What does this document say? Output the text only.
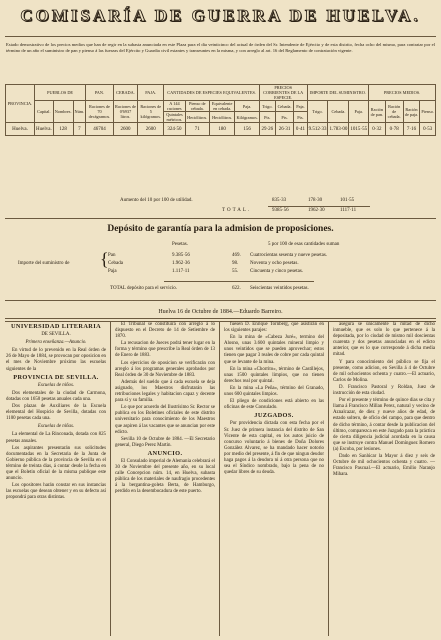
COMISARÍA DE GUERRA DE HUELVA.
Estado demostrativo de los precios medios que han de regir en la subasta anunciada en este Plaza para el dia veinticinco del actual de órden del Sr. Intendente de Ejército y de esta distrito, fecha ocho del mismo, para contratar por el término de un año el suministro de pan y pienso á las fuerzas del Ejército y Guardia civil estantes y transeuntes en la misma, y con arreglo al art. 16 del Reglamento de contratación vigente.
PROVINCIA.	PUEBLOS DE			PAN.	CEBADA.	PAJA.	CANTIDADES DE ESPECIES EQUIVALENTES.				PRECIOS CORRIENTES DE LA ESPECIE.			IMPORTE DEL SUMINISTRO.			PRECIOS MEDIOS.			
	Capital.	Nombres.	Núm.	Raciones de 70 decágramos.	Raciones de 0'6937 litros.	Raciones de 5 kilógramos.	A 144 raciones	Pienso de cebada.	Equivalente en cebada.	Paja.	Trigo.	Cebada.	Paja.	Trigo.	Cebada.	Paja.	Ración de pan.	Ración de cebada.	Ración de paja.	Pienso.
							Quintales métricos.	Hectólitros.	Hectólitros.	Kilógramos.	Pts.	Pts.	Pts.							
Huelva.	Huelva.	128	7	46704	2600	2600	324·50	71	180	156	29·26	26·31	0·41	9.512·33	1.783·00	1015·55	0·32	0·78	7·16	0·53
Aumento del 10 por 100 de utilidad.	835·33	178·30	101·55
TOTAL.	9385·56	1962·30	1117·11
Depósito de garantía para la admision de proposiciones.
Pesetas.	5 por 100 de esas cantidades suman
Importe del suministro de { Pan	9.385·56	469. Cuatrocientas sesenta y nueve pesetas.
Cebada	1.962·36	98. Noventa y ocho pesetas.
Paja	1.117·11	55. Cincuenta y cinco pesetas.
TOTAL depósito para el servicio.	622. Seiscientas veintidos pesetas.
Huelva 16 de Octubre de 1884.—Eduardo Barreiro.

UNIVERSIDAD LITERARIA

DE SEVILLA.

Primera enseñanza.—Anuncio.

En virtud de lo prevenido en la Real órden de 26 de Mayo de 1884, se provocan por oposicion en el mes de Noviembre próximo las escuelas siguientes de la

PROVINCIA DE SEVILLA.

Escuelas de niños.

Dos elementales de la ciudad de Carmona, dotadas con 1650 pesetas anuales cada una.

Dos plazas de Auxiliares de la Escuela elemental del Hospicio de Sevilla, dotadas con 1100 pesetas cada una.

Escuelas de niñas.

La elemental de La Rinconada, dotada con 825 pesetas anuales.

Los aspirantes presentarán sus solicitudes documentadas en la Secretaria de la Junta de Gobierno pública de la provincia de Sevilla en el término de treinta dias, á contar desde la fecha en que el Boletin oficial de la misma publique este anuncio.

Los opositores harán constar en sus instancias las escuelas que desean obtener y en su defecto así propondrá para otras distintas.

El Tribunal se constituirá con arreglo á lo dispuesto en el Decreto de 14 de Setiembre de 1870.

La recusacion de Jueces podrá tener lugar en la forma y término que prescribe la Real órden de 13 de Enero de 1883.

Los ejercicios de oposicion se verificarán con arreglo á los programas generales aprobados por Real órden de 30 de Noviembre de 1883.

Además del sueldo que á cada escuela se deja asignado, los Maestros disfrutarán las retribuciones legales y habitacion capaz y decente para sí y su familia.

Lo que por acuerdo del Ilustrísimo Sr. Rector se publica en los Boletines oficiales de este distrito universitario para conocimiento de los Maestros que aspiren á las vacantes que se anuncian por este edicto.

Sevilla 10 de Octubre de 1884. —El Secretario general, Diego Perez Martin.

ANUNCIO.

El Consulado imperial de Alemania celebrará el 30 de Noviembre del presente año, en su local calle Concepcion núm. 14, en Huelva, subasta pública de los materiales de naufragio procedentes á la bergantina-goleta Berta, de Hamburgo, perdido en la desembocadura de este puerto.

fuesen D. Enrique Tornberg, que asistirán en los siguientes parajes:

En la mina de «Cabeza Juré», termino del Alosno, unas 3.600 quintales mineral limpio y unos veintidos que se pueden aprovechar; estos tienen que pagar 3 reales de cobre por cada quintal que se levante de la mina.

En la mina «Chorrito», término de Castillejos, unas 1500 quintales limpios, que no tienen derechos real por quintal.

En la mina «La Peña», término del Granado, unos 600 quintales limpios.

El pliego de condiciones está abierto en las oficinas de este Consulado.

JUZGADOS.

Por providencia dictada con esta fecha por el Sr. Juez de primera instancia del distrito de San Vicente de esta capital, en los autos juicio de concurso voluntario á bienes de Doña Dolores González Alvarez, se ha mandado hacer notorio por medio del presente, á fin de que ningun deudor haga pagos á la deudora ni á otra persona que no sea el Síndico nombrado, bajo la pena de no quedar libres de su deuda.

asegura se únicamente la mitad de dicho inmueble, que es solo lo que pertenece á la depositada, por lo ciudad de mismo mil doscientas cuarenta y dos pesetas anunciadas en el edicto anterior, que es lo que corresponde á dicha media mitad.

Y para conocimiento del público se fija el presente, como adicion, en Sevilla á 4 de Octubre de mil ochocientos ochenta y cuatro.—El actuario, Carlos de Molina.

D. Francisco Pastoral y Roldan, Juez de instrucción de esta ciudad.

Por el presente y término de quince dias se cita y llama á Francisco Millan Perez, natural y vecino de Aznalcazar, de diez y nueve años de edad, de estado soltero, de oficio del campo, para que dentro de dicho término, á contar desde la publicacion del último, comparezca en este Juzgado para la práctica de cierta diligencia judicial acordada en la causa que se instruye contra Manuel Domínguez Romero (a) Escoba, por lesiones.

Dado en Sanlúcar la Mayor á diez y seis de Octubre de mil ochocientos ochenta y cuatro. —Francisco Pascual.—El actuario, Emilio Naranjo Mihara.
